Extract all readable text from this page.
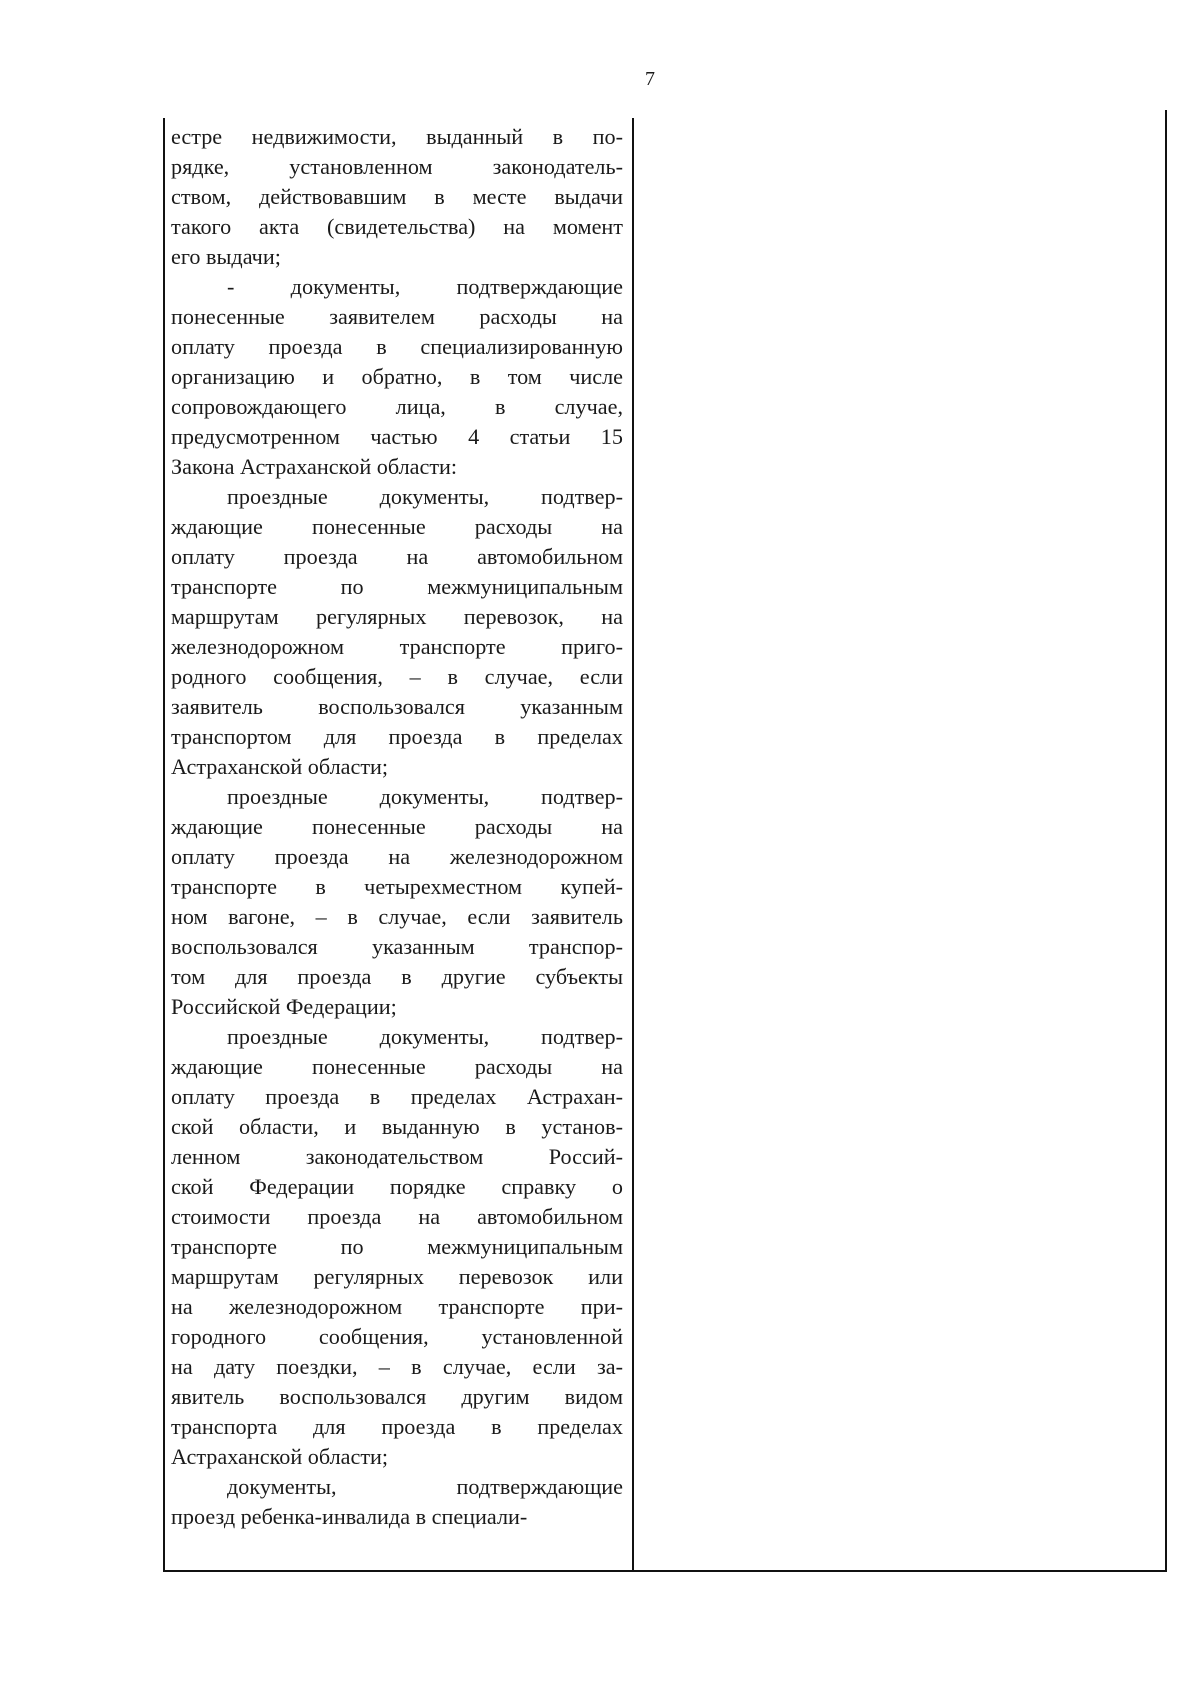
7
естре недвижимости, выданный в по-
рядке, установленном законодатель-
ством, действовавшим в месте выдачи
такого акта (свидетельства) на момент
его выдачи;
- документы, подтверждающие
понесенные заявителем расходы на
оплату проезда в специализированную
организацию и обратно, в том числе
сопровождающего лица, в случае,
предусмотренном частью 4 статьи 15
Закона Астраханской области:
проездные документы, подтвер-
ждающие понесенные расходы на
оплату проезда на автомобильном
транспорте по межмуниципальным
маршрутам регулярных перевозок, на
железнодорожном транспорте приго-
родного сообщения, – в случае, если
заявитель воспользовался указанным
транспортом для проезда в пределах
Астраханской области;
проездные документы, подтвер-
ждающие понесенные расходы на
оплату проезда на железнодорожном
транспорте в четырехместном купей-
ном вагоне, – в случае, если заявитель
воспользовался указанным транспор-
том для проезда в другие субъекты
Российской Федерации;
проездные документы, подтвер-
ждающие понесенные расходы на
оплату проезда в пределах Астрахан-
ской области, и выданную в установ-
ленном законодательством Россий-
ской Федерации порядке справку о
стоимости проезда на автомобильном
транспорте по межмуниципальным
маршрутам регулярных перевозок или
на железнодорожном транспорте при-
городного сообщения, установленной
на дату поездки, – в случае, если за-
явитель воспользовался другим видом
транспорта для проезда в пределах
Астраханской области;
документы, подтверждающие
проезд ребенка-инвалида в специали-
